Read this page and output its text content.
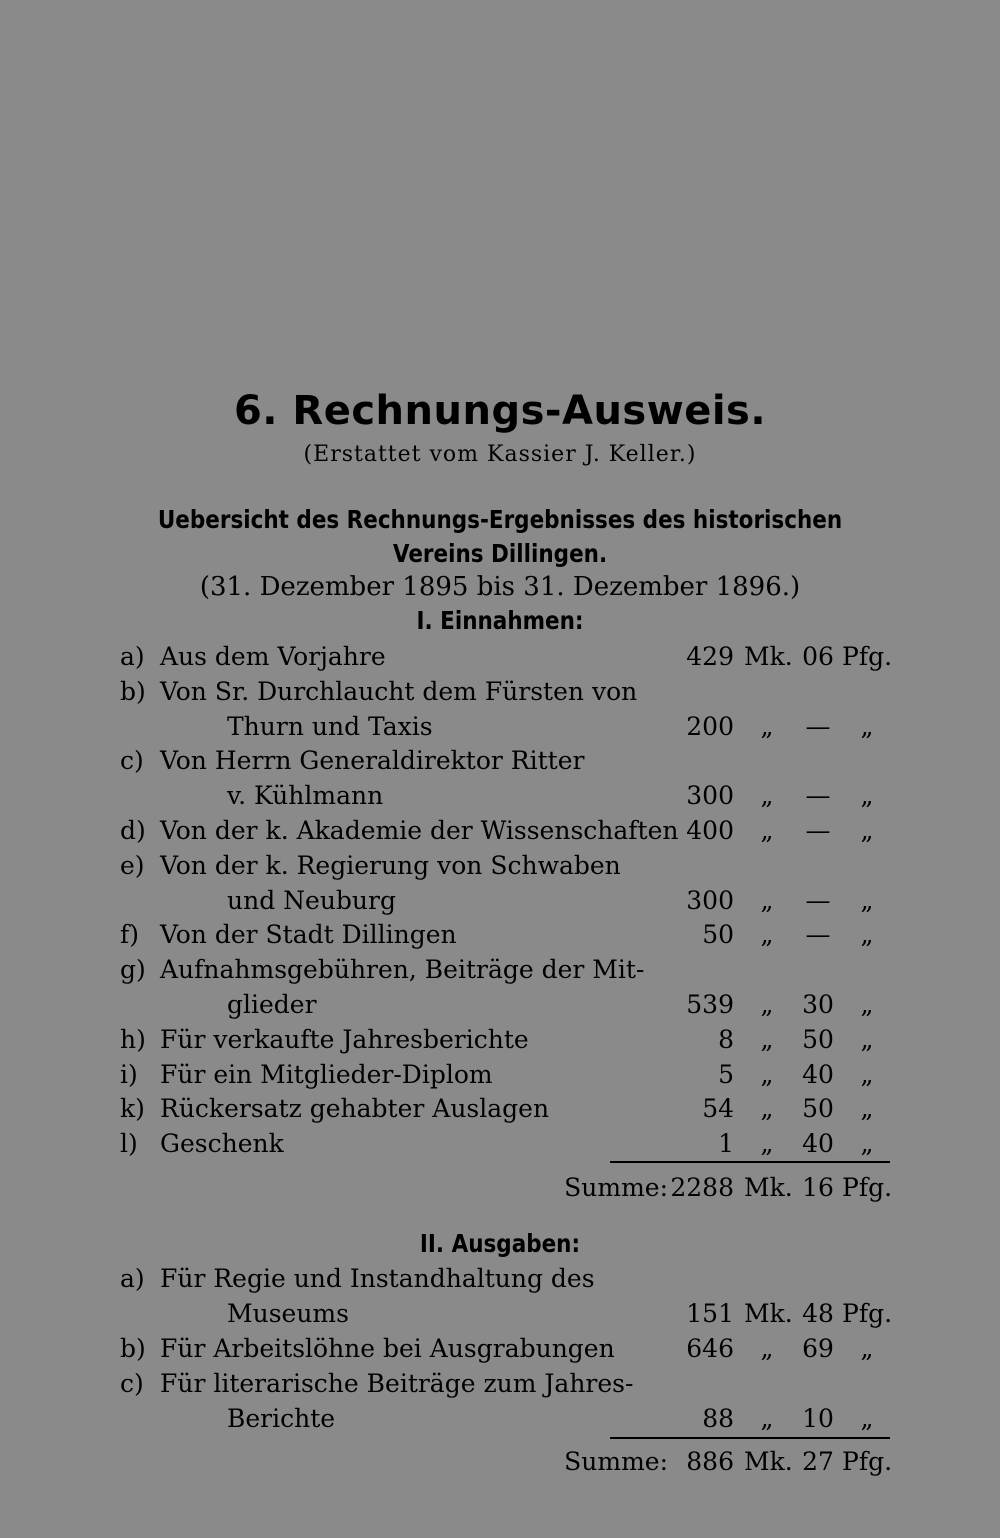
6. Rechnungs-Ausweis.
(Erstattet vom Kassier J. Keller.)
Uebersicht des Rechnungs-Ergebnisses des historischen
Vereins Dillingen.
(31. Dezember 1895 bis 31. Dezember 1896.)
I. Einnahmen:
a) Aus dem Vorjahre	429 Mk. 06 Pfg.
b) Von Sr. Durchlaucht dem Fürsten von
Thurn und Taxis	200	„	—	„
c) Von Herrn Generaldirektor Ritter
v. Kühlmann	300	„	—	„
d) Von der k. Akademie der Wissenschaften 400	„	—	„
e) Von der k. Regierung von Schwaben
und Neuburg	300	„	—	„
f) Von der Stadt Dillingen	50	„	—	„
g) Aufnahmsgebühren, Beiträge der Mit-
glieder	539	„	30	„
h) Für verkaufte Jahresberichte	8	„	50	„
i) Für ein Mitglieder-Diplom	5	„	40	„
k) Rückersatz gehabter Auslagen	54	„	50	„
l) Geschenk	1	„	40	„
Summe: 2288 Mk. 16 Pfg.
II. Ausgaben:
a) Für Regie und Instandhaltung des
Museums	151 Mk. 48 Pfg.
b) Für Arbeitslöhne bei Ausgrabungen	646	„	69	„
c) Für literarische Beiträge zum Jahres-
Berichte	88	„	10	„
Summe: 886 Mk. 27 Pfg.
